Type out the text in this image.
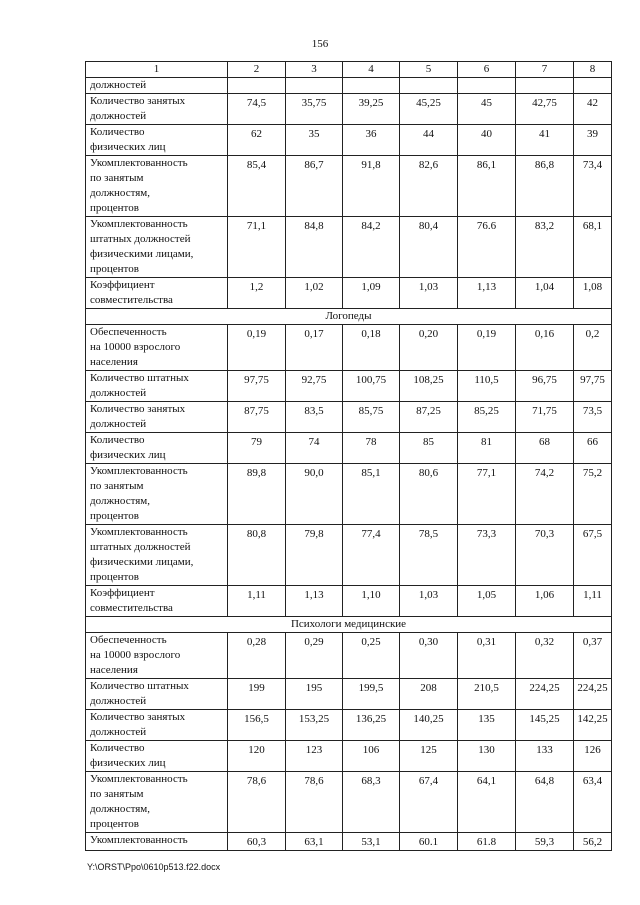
156
1	2	3	4	5	6	7	8

должностей							

Количество занятых
должностей	74,5	35,75	39,25	45,25	45	42,75	42

Количество
физических лиц	62	35	36	44	40	41	39

Укомплектованность
по занятым
должностям,
процентов	85,4	86,7	91,8	82,6	86,1	86,8	73,4

Укомплектованность
штатных должностей
физическими лицами,
процентов	71,1	84,8	84,2	80,4	76.6	83,2	68,1

Коэффициент
совместительства	1,2	1,02	1,09	1,03	1,13	1,04	1,08
Логопеды							

Обеспеченность
на 10000 взрослого
населения	0,19	0,17	0,18	0,20	0,19	0,16	0,2

Количество штатных
должностей	97,75	92,75	100,75	108,25	110,5	96,75	97,75

Количество занятых
должностей	87,75	83,5	85,75	87,25	85,25	71,75	73,5

Количество
физических лиц	79	74	78	85	81	68	66

Укомплектованность
по занятым
должностям,
процентов	89,8	90,0	85,1	80,6	77,1	74,2	75,2

Укомплектованность
штатных должностей
физическими лицами,
процентов	80,8	79,8	77,4	78,5	73,3	70,3	67,5

Коэффициент
совместительства	1,11	1,13	1,10	1,03	1,05	1,06	1,11
Психологи медицинские							

Обеспеченность
на 10000 взрослого
населения	0,28	0,29	0,25	0,30	0,31	0,32	0,37

Количество штатных
должностей	199	195	199,5	208	210,5	224,25	224,25

Количество занятых
должностей	156,5	153,25	136,25	140,25	135	145,25	142,25

Количество
физических лиц	120	123	106	125	130	133	126

Укомплектованность
по занятым
должностям,
процентов	78,6	78,6	68,3	67,4	64,1	64,8	63,4

Укомплектованность	60,3	63,1	53,1	60.1	61.8	59,3	56,2
Y:\ORST\Ppo\0610p513.f22.docx
